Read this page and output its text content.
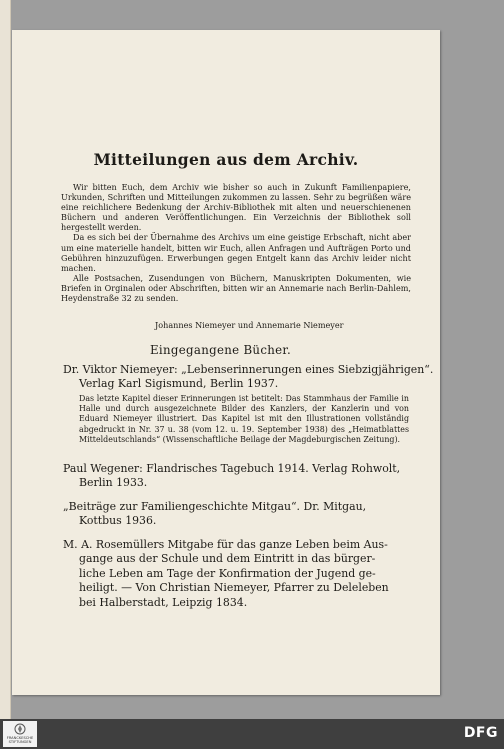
Mitteilungen aus dem Archiv.

Wir bitten Euch, dem Archiv wie bisher so auch in Zukunft Familienpapiere, Urkunden, Schriften und Mitteilungen zukommen zu lassen. Sehr zu begrüßen wäre eine reichlichere Bedenkung der Archiv-Bibliothek mit alten und neuerschienenen Büchern und anderen Veröffentlichungen. Ein Verzeichnis der Bibliothek soll hergestellt werden.

Da es sich bei der Übernahme des Archivs um eine geistige Erbschaft, nicht aber um eine materielle handelt, bitten wir Euch, allen Anfragen und Aufträgen Porto und Gebühren hinzuzufügen. Erwerbungen gegen Entgelt kann das Archiv leider nicht machen.

Alle Postsachen, Zusendungen von Büchern, Manuskripten Dokumenten, wie Briefen in Orginalen oder Abschriften, bitten wir an Annemarie nach Berlin-Dahlem, Heydenstraße 32 zu senden.

Johannes Niemeyer und Annemarie Niemeyer
Eingegangene Bücher.
Dr. Viktor Niemeyer: „Lebenserinnerungen eines Siebzigjährigen“.
Verlag Karl Sigismund, Berlin 1937.
Das letzte Kapitel dieser Erinnerungen ist betitelt: Das Stammhaus der Familie in Halle und durch ausgezeichnete Bilder des Kanzlers, der Kanzlerin und von Eduard Niemeyer illustriert. Das Kapitel ist mit den Illustrationen vollständig abgedruckt in Nr. 37 u. 38 (vom 12. u. 19. September 1938) des „Heimatblattes Mitteldeutschlands“ (Wissenschaftliche Beilage der Magdeburgischen Zeitung).
Paul Wegener: Flandrisches Tagebuch 1914. Verlag Rohwolt,
Berlin 1933.
„Beiträge zur Familiengeschichte Mitgau“. Dr. Mitgau,
Kottbus 1936.
M. A. Rosemüllers Mitgabe für das ganze Leben beim Aus-
gange aus der Schule und dem Eintritt in das bürger-
liche Leben am Tage der Konfirmation der Jugend ge-
heiligt. — Von Christian Niemeyer, Pfarrer zu Deleleben
bei Halberstadt, Leipzig 1834.
FRANCKESCHE
STIFTUNGEN
DFG
